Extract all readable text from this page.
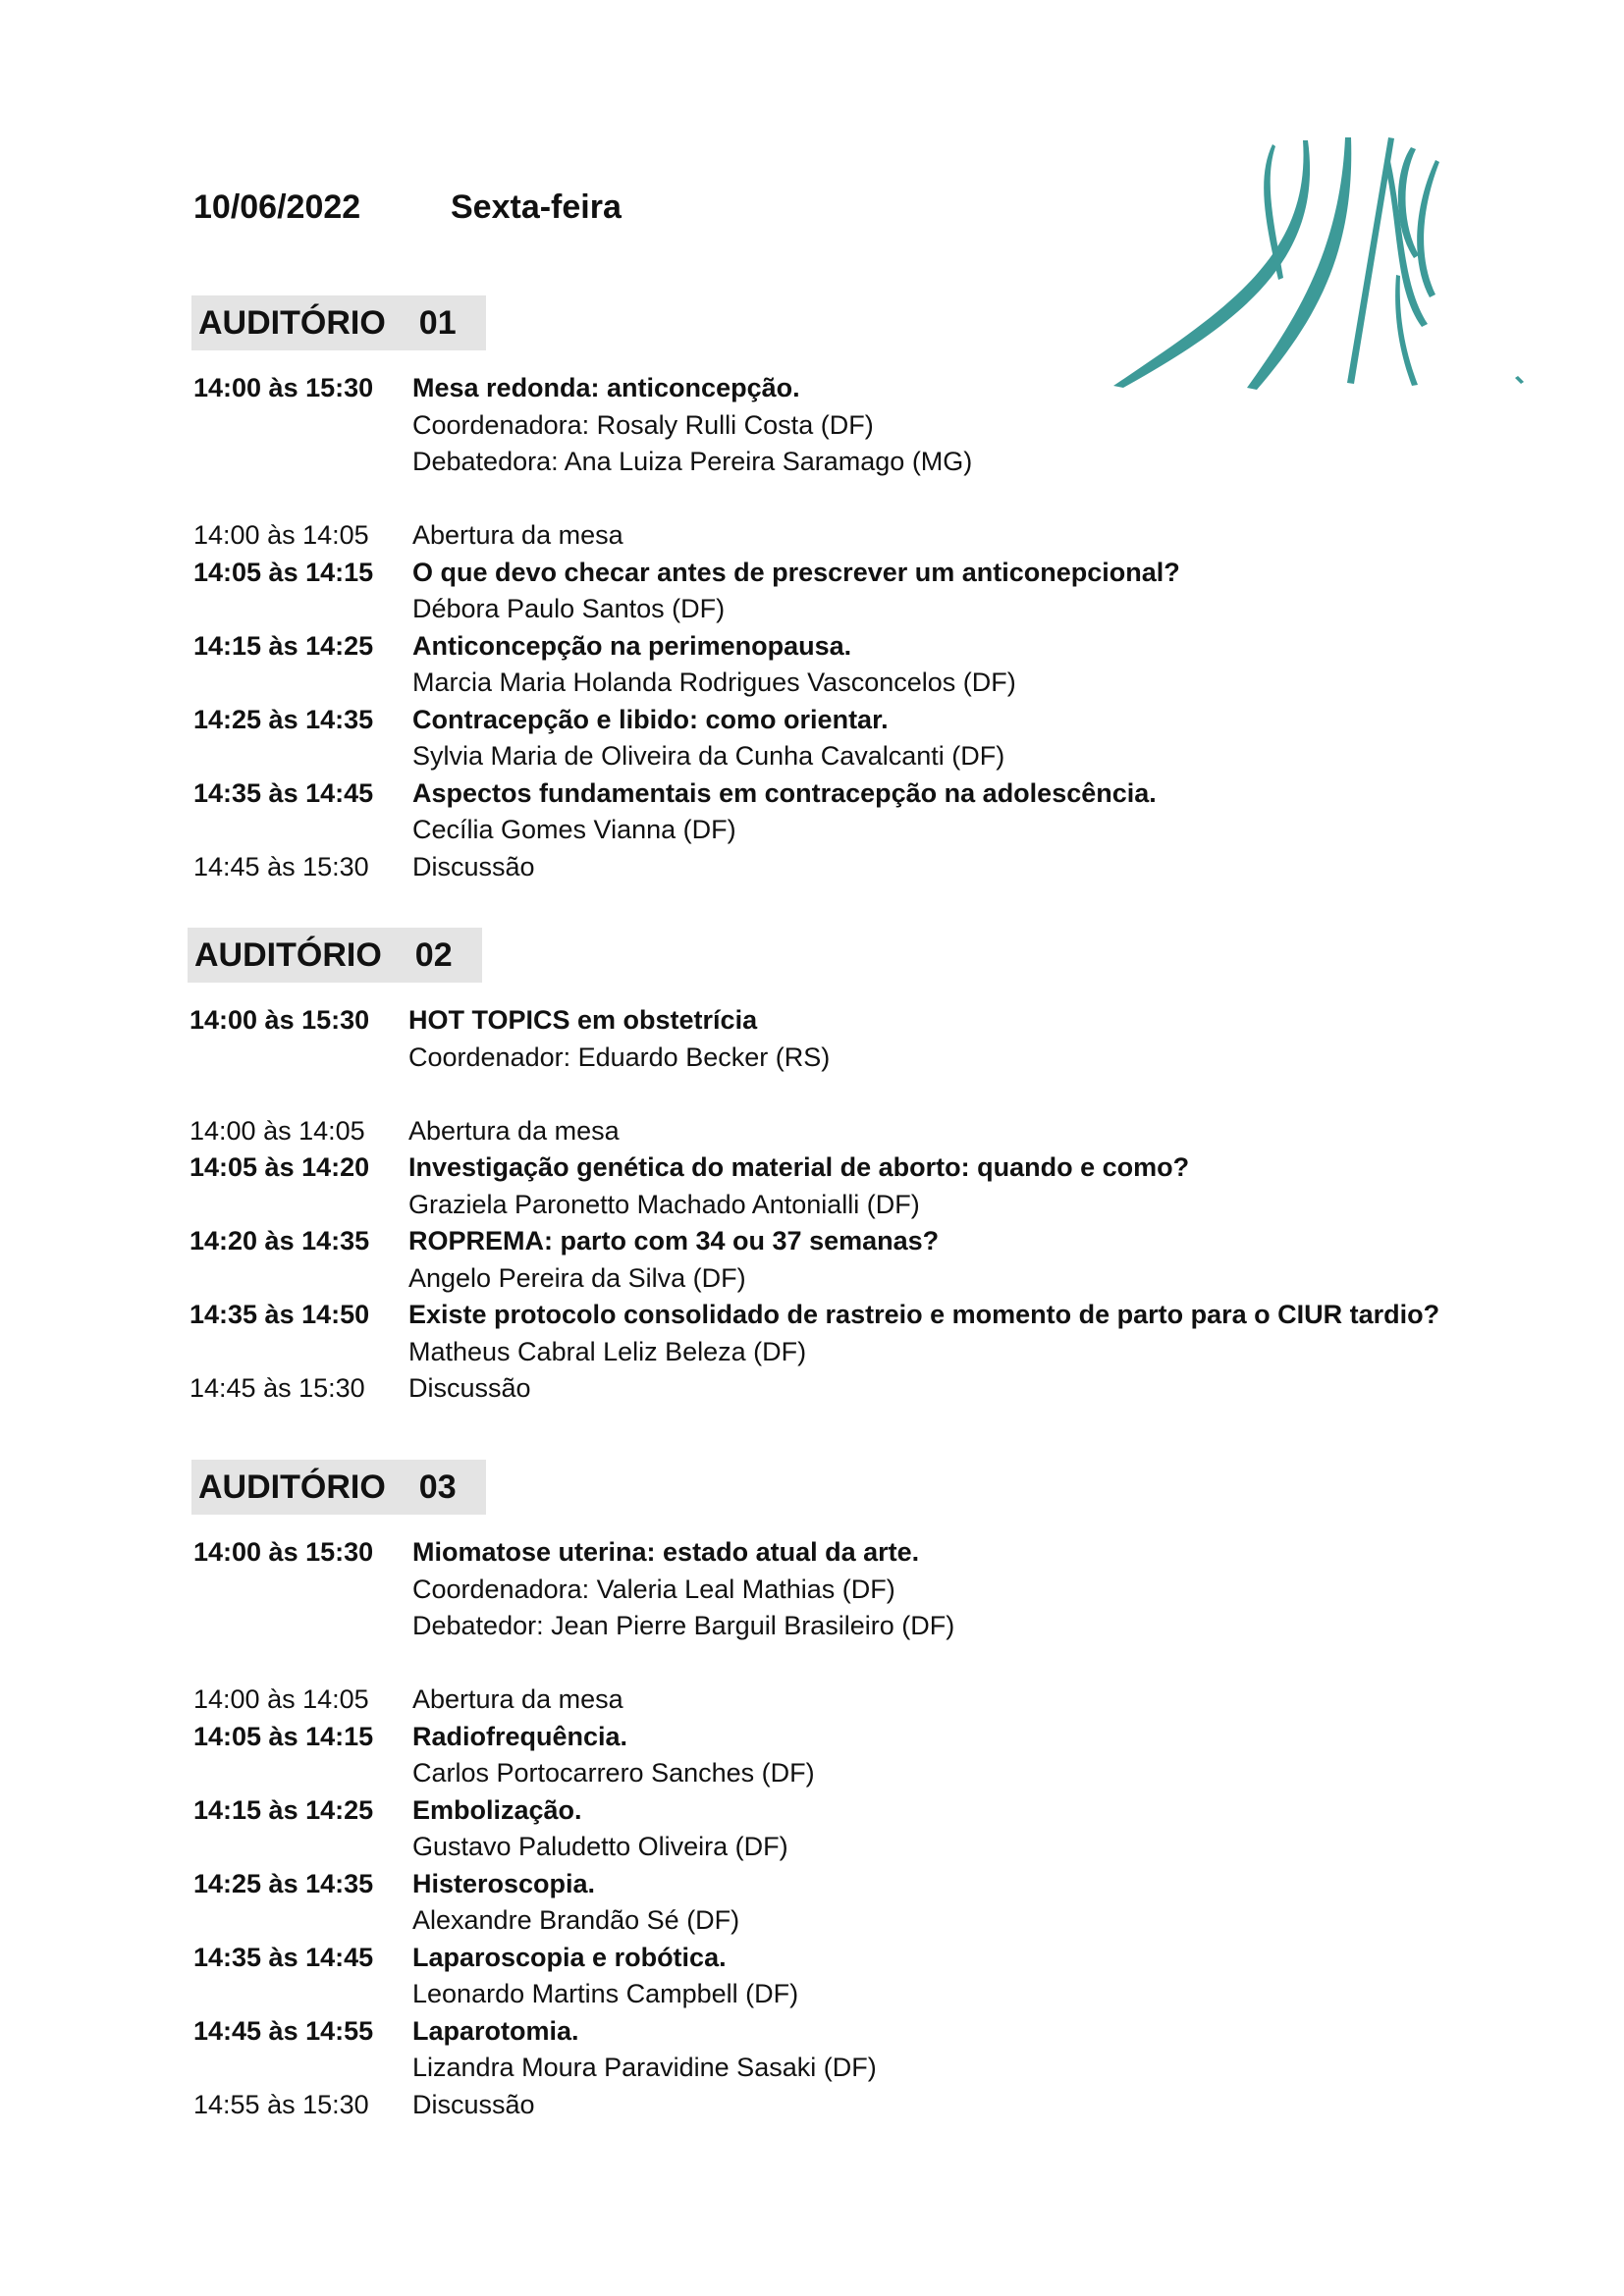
10/06/2022	Sexta-feira
AUDITÓRIO 01
14:00 às 15:30	Mesa redonda: anticoncepção.
Coordenadora: Rosaly Rulli Costa (DF)
Debatedora: Ana Luiza Pereira Saramago (MG)
14:00 às 14:05	Abertura da mesa
14:05 às 14:15	O que devo checar antes de prescrever um anticonepcional?
Débora Paulo Santos (DF)
14:15 às 14:25	Anticoncepção na perimenopausa.
Marcia Maria Holanda Rodrigues Vasconcelos (DF)
14:25 às 14:35	Contracepção e libido: como orientar.
Sylvia Maria de Oliveira da Cunha Cavalcanti (DF)
14:35 às 14:45	Aspectos fundamentais em contracepção na adolescência.
Cecília Gomes Vianna (DF)
14:45 às 15:30	Discussão
AUDITÓRIO 02
14:00 às 15:30	HOT TOPICS em obstetrícia
Coordenador: Eduardo Becker (RS)
14:00 às 14:05	Abertura da mesa
14:05 às 14:20	Investigação genética do material de aborto: quando e como?
Graziela Paronetto Machado Antonialli (DF)
14:20 às 14:35	ROPREMA: parto com 34 ou 37 semanas?
Angelo Pereira da Silva (DF)
14:35 às 14:50	Existe protocolo consolidado de rastreio e momento de parto para o CIUR tardio?
Matheus Cabral Leliz Beleza (DF)
14:45 às 15:30	Discussão
AUDITÓRIO 03
14:00 às 15:30	Miomatose uterina: estado atual da arte.
Coordenadora: Valeria Leal Mathias (DF)
Debatedor: Jean Pierre Barguil Brasileiro (DF)
14:00 às 14:05	Abertura da mesa
14:05 às 14:15	Radiofrequência.
Carlos Portocarrero Sanches (DF)
14:15 às 14:25	Embolização.
Gustavo Paludetto Oliveira (DF)
14:25 às 14:35	Histeroscopia.
Alexandre Brandão Sé (DF)
14:35 às 14:45	Laparoscopia e robótica.
Leonardo Martins Campbell (DF)
14:45 às 14:55	Laparotomia.
Lizandra Moura Paravidine Sasaki (DF)
14:55 às 15:30	Discussão
